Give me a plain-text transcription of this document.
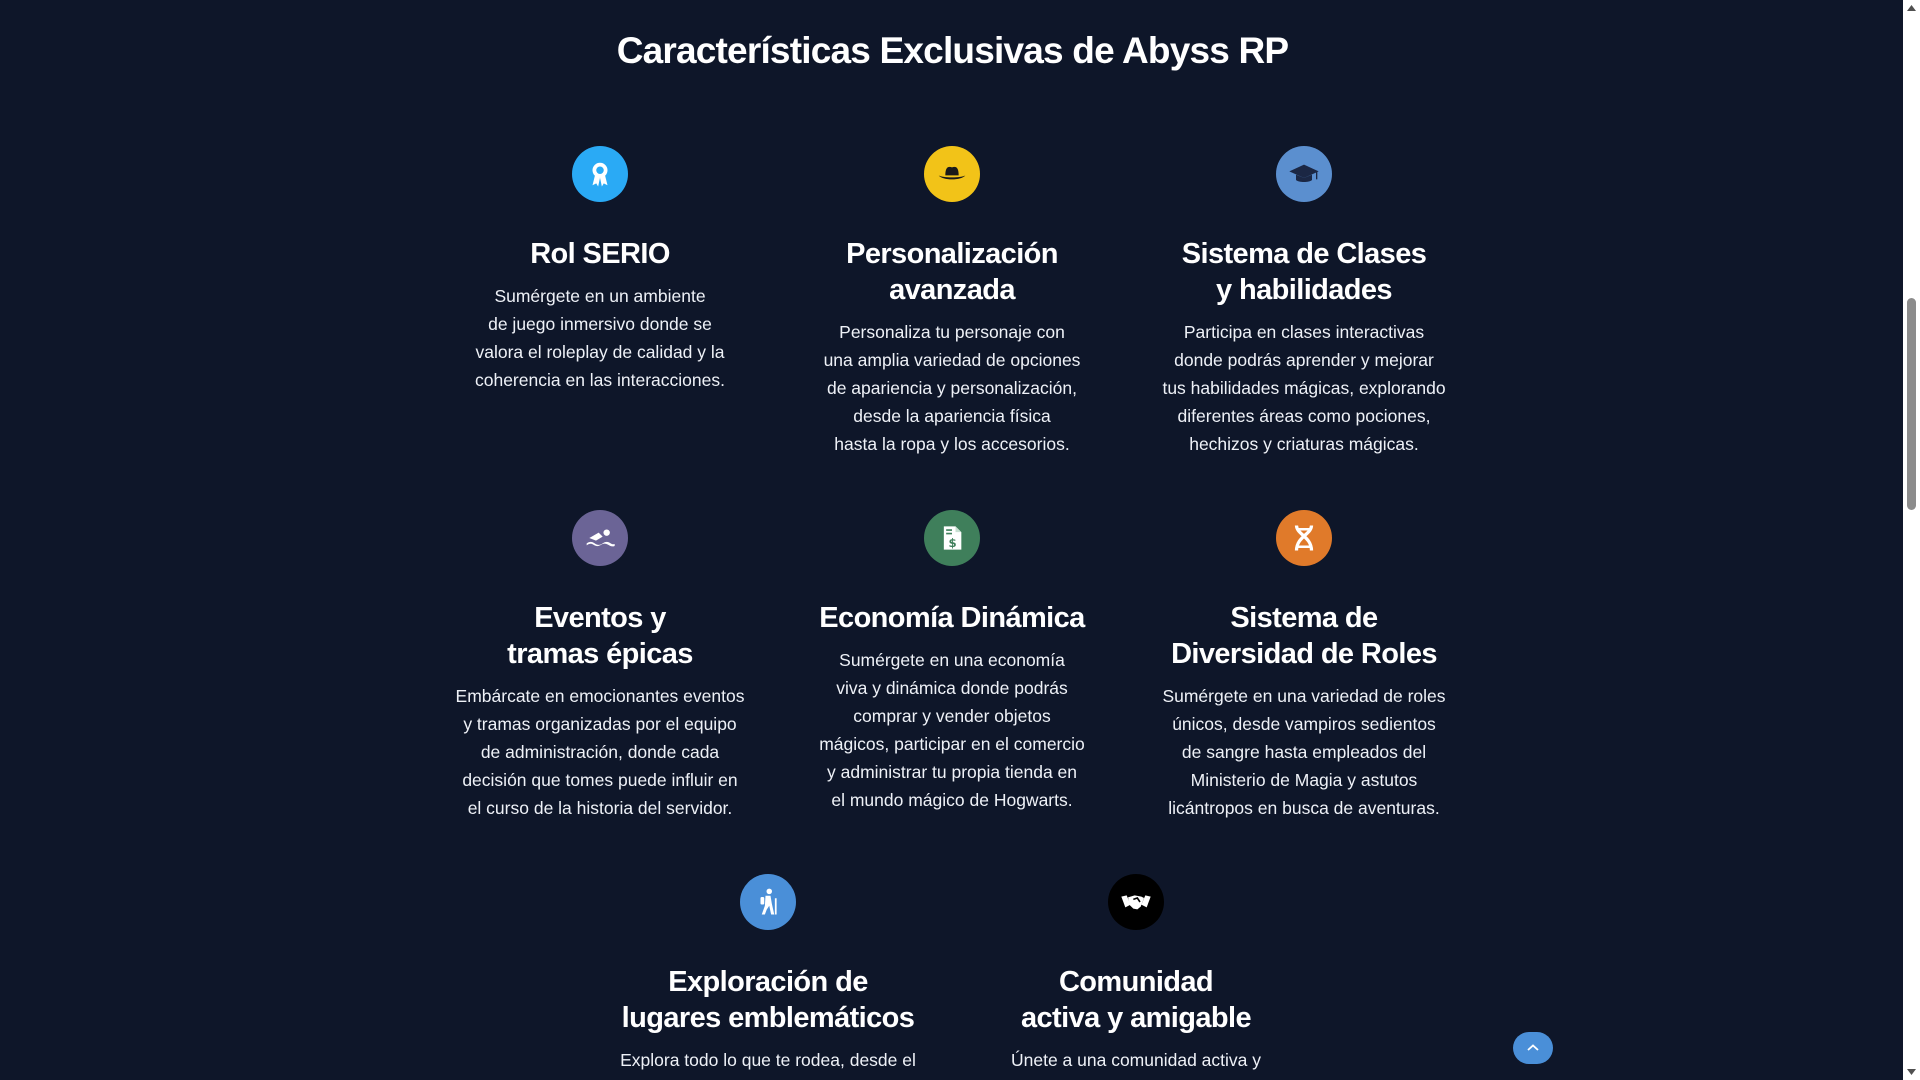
Características Exclusivas de Abyss RP
Rol SERIO

Sumérgete en un ambiente
de juego inmersivo donde se
valora el roleplay de calidad y la
coherencia en las interacciones.

Personalización
avanzada

Personaliza tu personaje con
una amplia variedad de opciones
de apariencia y personalización,
desde la apariencia física
hasta la ropa y los accesorios.

Sistema de Clases
y habilidades

Participa en clases interactivas
donde podrás aprender y mejorar
tus habilidades mágicas, explorando
diferentes áreas como pociones,
hechizos y criaturas mágicas.

Eventos y
tramas épicas

Embárcate en emocionantes eventos
y tramas organizadas por el equipo
de administración, donde cada
decisión que tomes puede influir en
el curso de la historia del servidor.

$
Economía Dinámica

Sumérgete en una economía
viva y dinámica donde podrás
comprar y vender objetos
mágicos, participar en el comercio
y administrar tu propia tienda en
el mundo mágico de Hogwarts.

Sistema de
Diversidad de Roles

Sumérgete en una variedad de roles
únicos, desde vampiros sedientos
de sangre hasta empleados del
Ministerio de Magia y astutos
licántropos en busca de aventuras.

Exploración de
lugares emblemáticos

Explora todo lo que te rodea, desde el

Comunidad
activa y amigable

Únete a una comunidad activa y
